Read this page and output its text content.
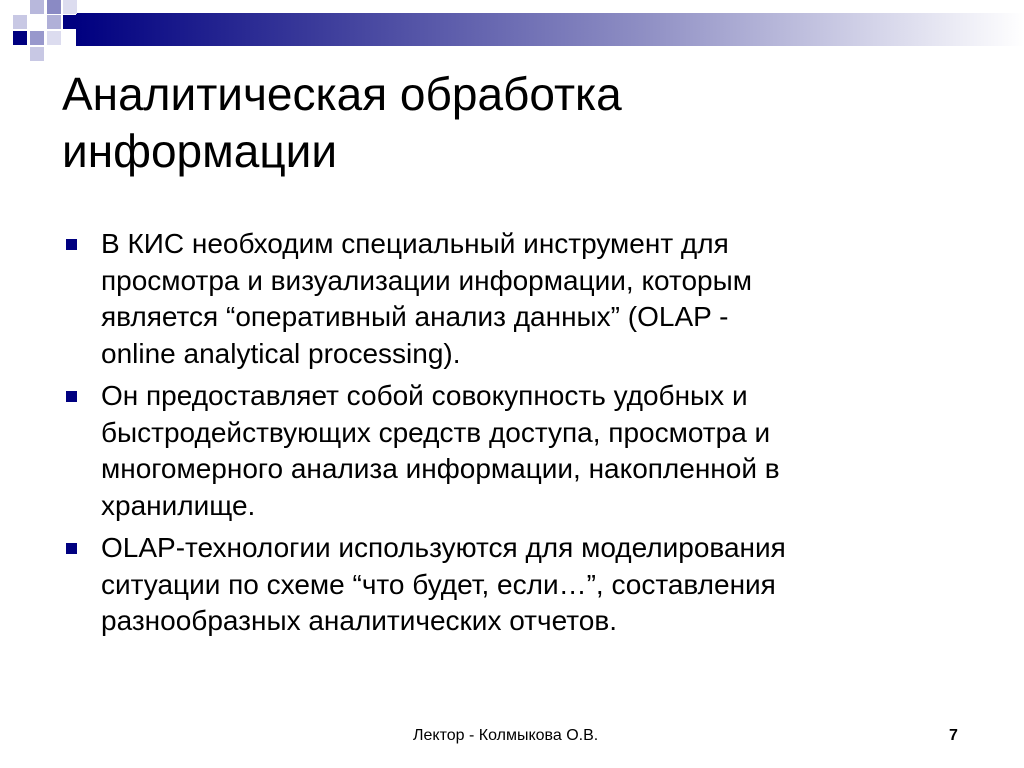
Аналитическая обработка
информации
В КИС необходим специальный инструмент для
просмотра и визуализации информации, которым
является “оперативный анализ данных” (OLAP -
online analytical processing).
Он предоставляет собой совокупность удобных и
быстродействующих средств доступа, просмотра и
многомерного анализа информации, накопленной в
хранилище.
OLAP-технологии используются для моделирования
ситуации по схеме “что будет, если…”, составления
разнообразных аналитических отчетов.
Лектор - Колмыкова О.В.	7
